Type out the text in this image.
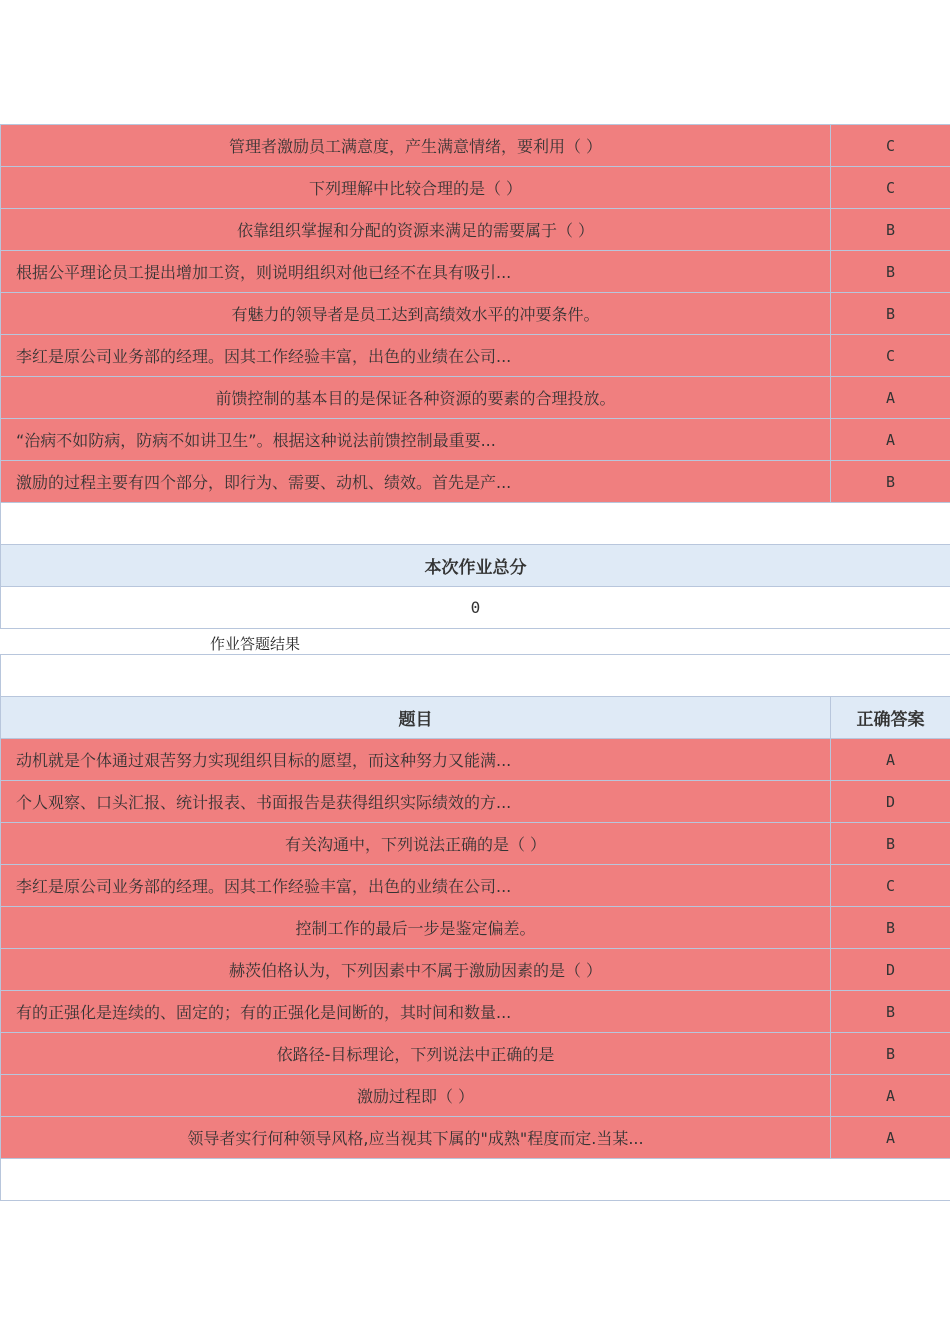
管理者激励员工满意度，产生满意情绪，要利用（ ）	C
下列理解中比较合理的是（ ）	C
依靠组织掌握和分配的资源来满足的需要属于（ ）	B
根据公平理论员工提出增加工资，则说明组织对他已经不在具有吸引...	B
有魅力的领导者是员工达到高绩效水平的冲要条件。	B
李红是原公司业务部的经理。因其工作经验丰富，出色的业绩在公司...	C
前馈控制的基本目的是保证各种资源的要素的合理投放。	A
“治病不如防病，防病不如讲卫生”。根据这种说法前馈控制最重要...	A
激励的过程主要有四个部分，即行为、需要、动机、绩效。首先是产...	B

本次作业总分	
0	
作业答题结果

题目	正确答案
动机就是个体通过艰苦努力实现组织目标的愿望，而这种努力又能满...	A
个人观察、口头汇报、统计报表、书面报告是获得组织实际绩效的方...	D
有关沟通中，下列说法正确的是（ ）	B
李红是原公司业务部的经理。因其工作经验丰富，出色的业绩在公司...	C
控制工作的最后一步是鉴定偏差。	B
赫茨伯格认为，下列因素中不属于激励因素的是（ ）	D
有的正强化是连续的、固定的；有的正强化是间断的，其时间和数量...	B
依路径-目标理论，下列说法中正确的是	B
激励过程即（ ）	A
领导者实行何种领导风格,应当视其下属的"成熟"程度而定.当某...	A
